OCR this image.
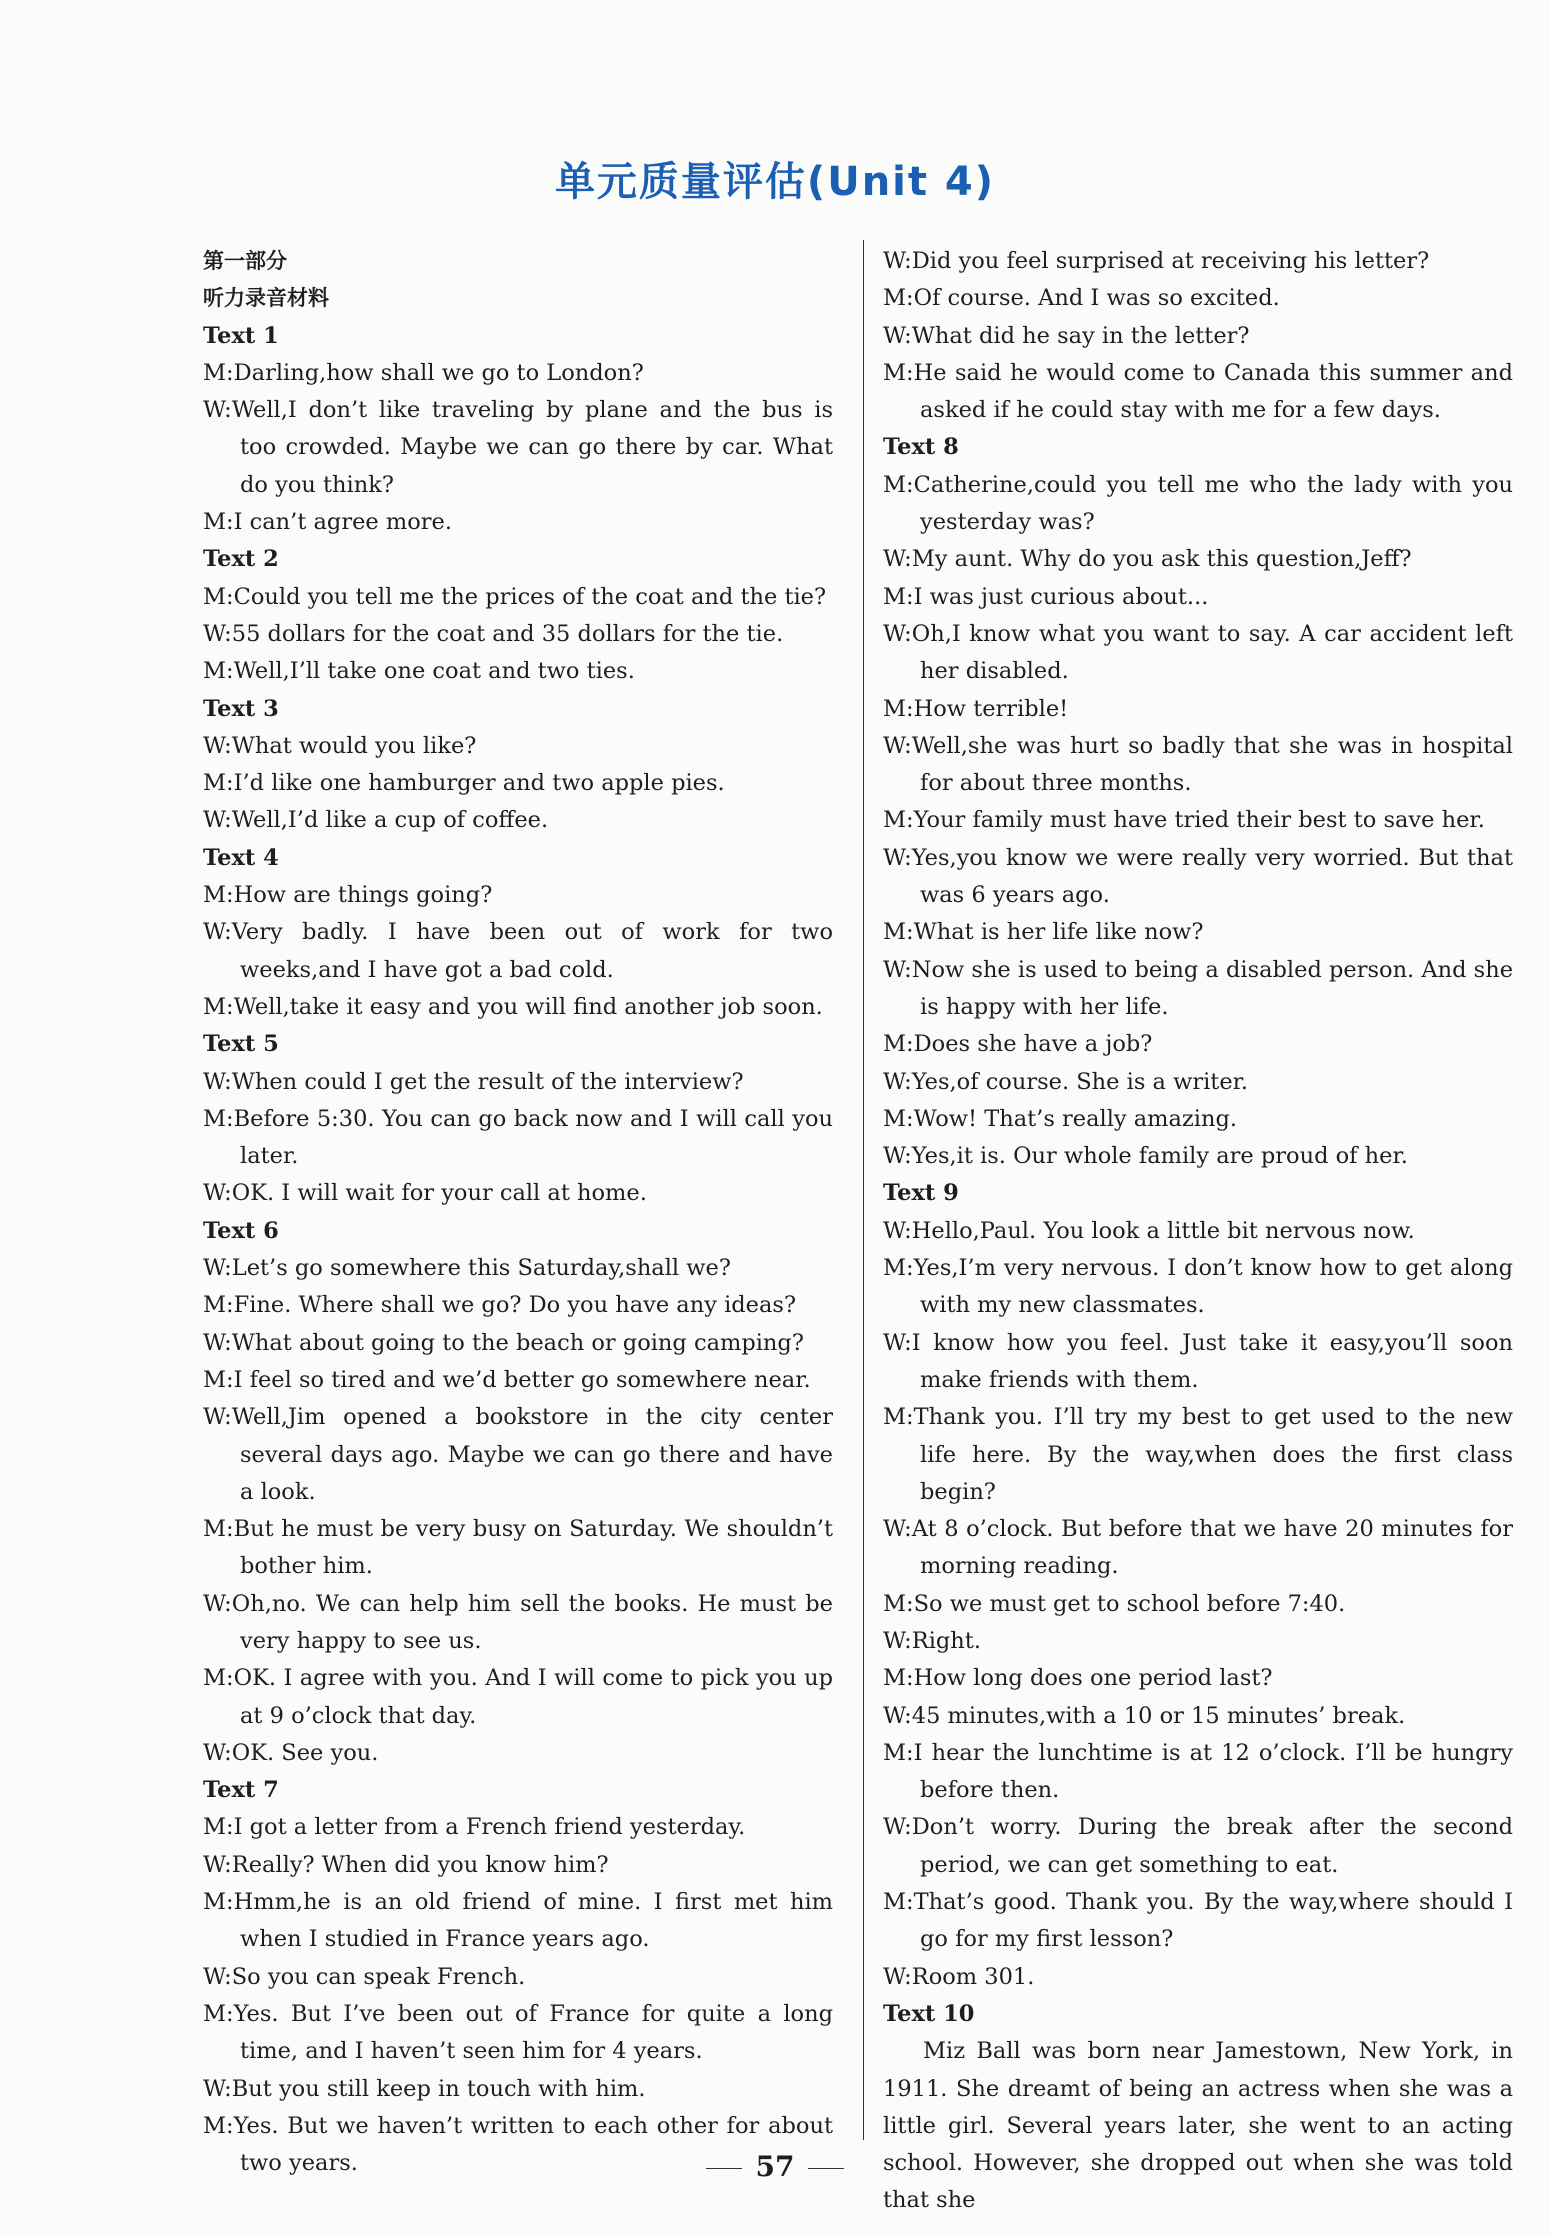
单元质量评估(Unit 4)
第一部分
听力录音材料
Text 1
M:Darling,how shall we go to London?
W:Well,I don’t like traveling by plane and the bus is too crowded. Maybe we can go there by car. What do you think?
M:I can’t agree more.
Text 2
M:Could you tell me the prices of the coat and the tie?
W:55 dollars for the coat and 35 dollars for the tie.
M:Well,I’ll take one coat and two ties.
Text 3
W:What would you like?
M:I’d like one hamburger and two apple pies.
W:Well,I’d like a cup of coffee.
Text 4
M:How are things going?
W:Very badly. I have been out of work for two weeks,and I have got a bad cold.
M:Well,take it easy and you will find another job soon.
Text 5
W:When could I get the result of the interview?
M:Before 5:30. You can go back now and I will call you later.
W:OK. I will wait for your call at home.
Text 6
W:Let’s go somewhere this Saturday,shall we?
M:Fine. Where shall we go? Do you have any ideas?
W:What about going to the beach or going camping?
M:I feel so tired and we’d better go somewhere near.
W:Well,Jim opened a bookstore in the city center several days ago. Maybe we can go there and have a look.
M:But he must be very busy on Saturday. We shouldn’t bother him.
W:Oh,no. We can help him sell the books. He must be very happy to see us.
M:OK. I agree with you. And I will come to pick you up at 9 o’clock that day.
W:OK. See you.
Text 7
M:I got a letter from a French friend yesterday.
W:Really? When did you know him?
M:Hmm,he is an old friend of mine. I first met him when I studied in France years ago.
W:So you can speak French.
M:Yes. But I’ve been out of France for quite a long time, and I haven’t seen him for 4 years.
W:But you still keep in touch with him.
M:Yes. But we haven’t written to each other for about two years.
W:Did you feel surprised at receiving his letter?
M:Of course. And I was so excited.
W:What did he say in the letter?
M:He said he would come to Canada this summer and asked if he could stay with me for a few days.
Text 8
M:Catherine,could you tell me who the lady with you yesterday was?
W:My aunt. Why do you ask this question,Jeff?
M:I was just curious about...
W:Oh,I know what you want to say. A car accident left her disabled.
M:How terrible!
W:Well,she was hurt so badly that she was in hospital for about three months.
M:Your family must have tried their best to save her.
W:Yes,you know we were really very worried. But that was 6 years ago.
M:What is her life like now?
W:Now she is used to being a disabled person. And she is happy with her life.
M:Does she have a job?
W:Yes,of course. She is a writer.
M:Wow! That’s really amazing.
W:Yes,it is. Our whole family are proud of her.
Text 9
W:Hello,Paul. You look a little bit nervous now.
M:Yes,I’m very nervous. I don’t know how to get along with my new classmates.
W:I know how you feel. Just take it easy,you’ll soon make friends with them.
M:Thank you. I’ll try my best to get used to the new life here. By the way,when does the first class begin?
W:At 8 o’clock. But before that we have 20 minutes for morning reading.
M:So we must get to school before 7:40.
W:Right.
M:How long does one period last?
W:45 minutes,with a 10 or 15 minutes’ break.
M:I hear the lunchtime is at 12 o’clock. I’ll be hungry before then.
W:Don’t worry. During the break after the second period, we can get something to eat.
M:That’s good. Thank you. By the way,where should I go for my first lesson?
W:Room 301.
Text 10
Miz Ball was born near Jamestown, New York, in 1911. She dreamt of being an actress when she was a little girl. Several years later, she went to an acting school. However, she dropped out when she was told that she
57
